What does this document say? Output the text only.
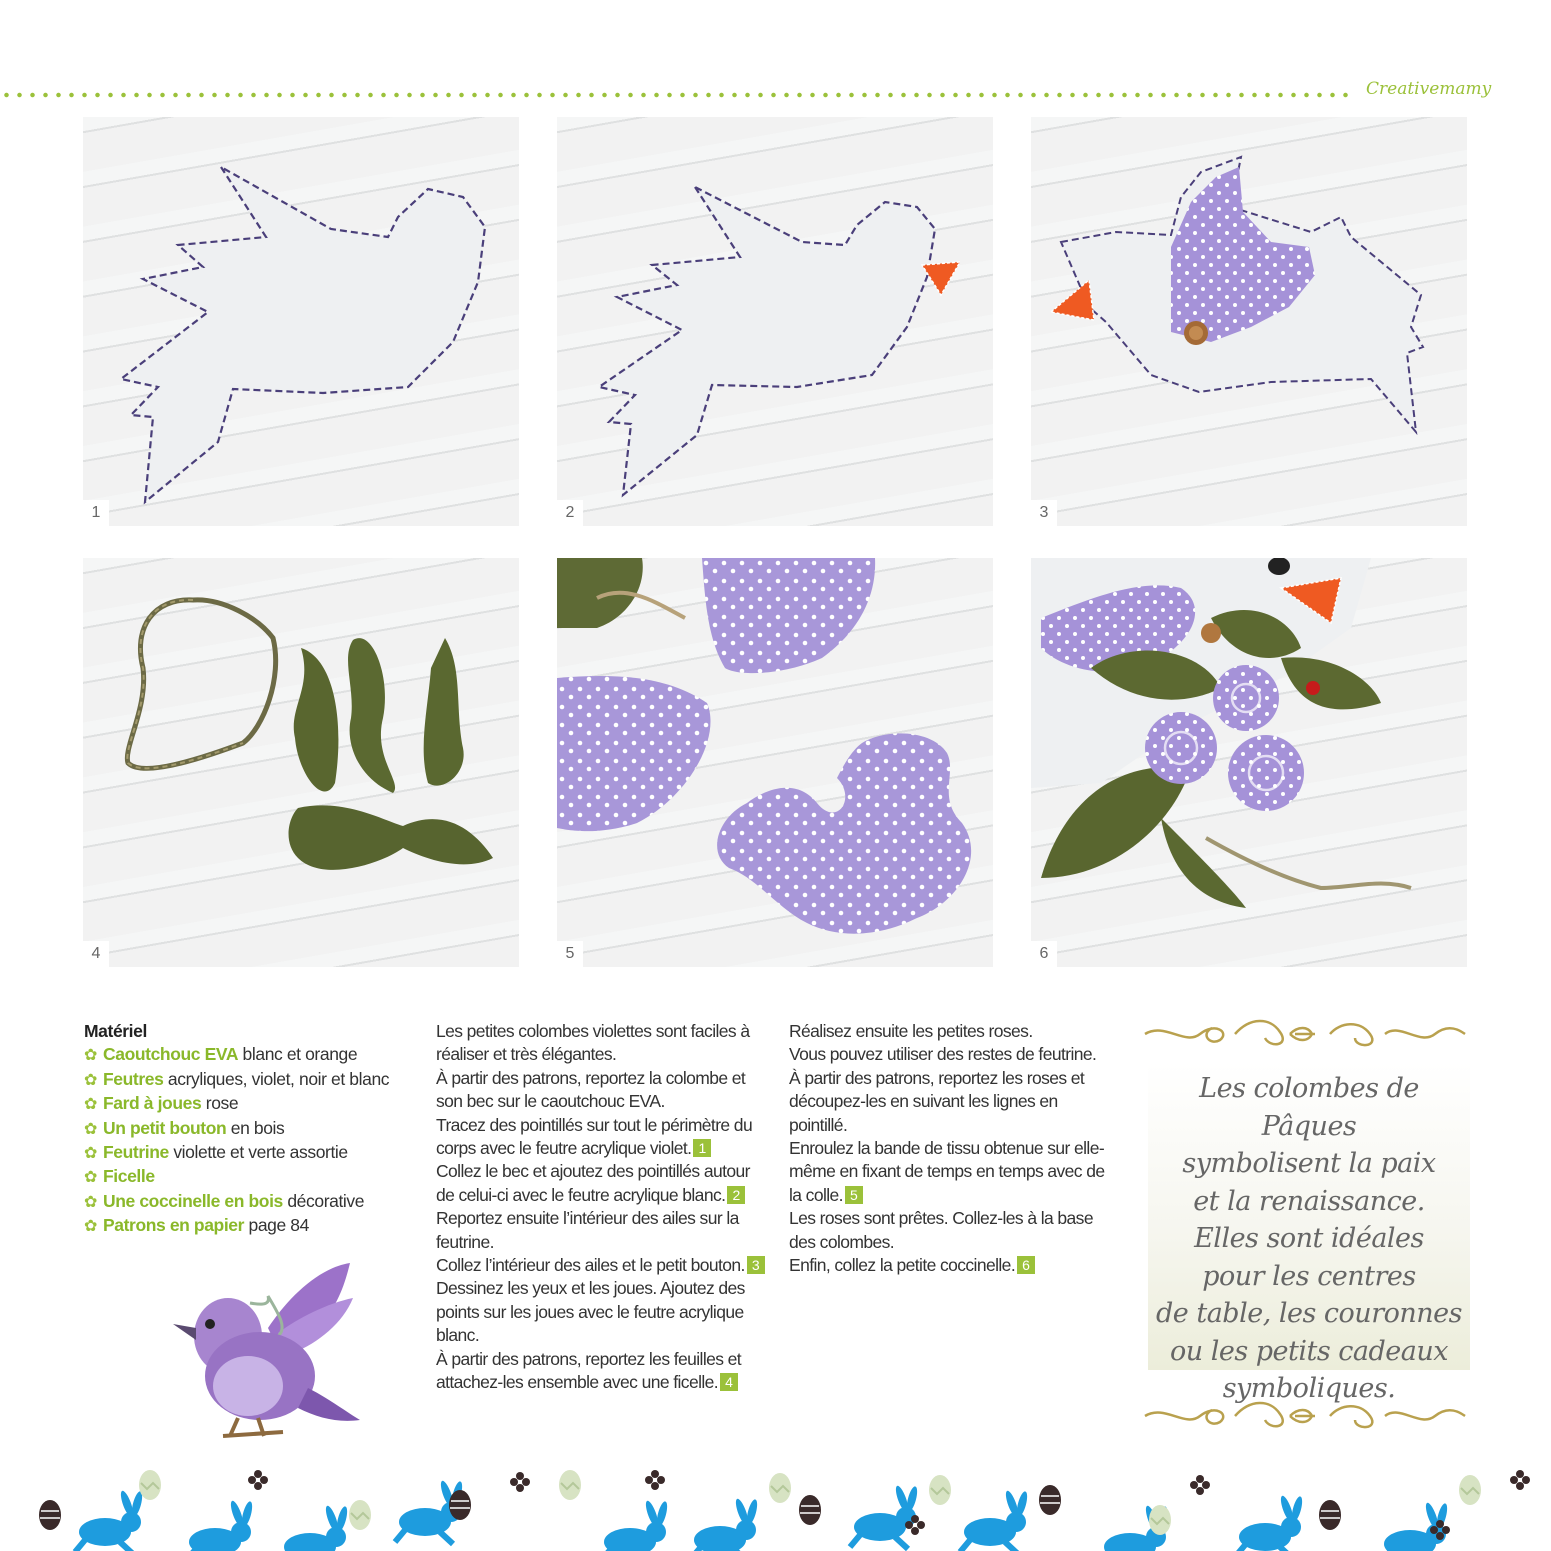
Creativemamy
1	2	3
4	5	6
Matériel
✿ Caoutchouc EVA blanc et orange
✿ Feutres acryliques, violet, noir et blanc
✿ Fard à joues rose
✿ Un petit bouton en bois
✿ Feutrine violette et verte assortie
✿ Ficelle
✿ Une coccinelle en bois décorative
✿ Patrons en papier page 84

Les petites colombes violettes sont faciles à réaliser et très élégantes.

À partir des patrons, reportez la colombe et son bec sur le caoutchouc EVA.

Tracez des pointillés sur tout le périmètre du corps avec le feutre acrylique violet. 1

Collez le bec et ajoutez des pointillés autour de celui-ci avec le feutre acrylique blanc. 2

Reportez ensuite l’intérieur des ailes sur la feutrine.

Collez l’intérieur des ailes et le petit bouton. 3

Dessinez les yeux et les joues. Ajoutez des points sur les joues avec le feutre acrylique blanc.

À partir des patrons, reportez les feuilles et attachez-les ensemble avec une ficelle. 4

Réalisez ensuite les petites roses.

Vous pouvez utiliser des restes de feutrine.

À partir des patrons, reportez les roses et découpez-les en suivant les lignes en pointillé.

Enroulez la bande de tissu obtenue sur elle-même en fixant de temps en temps avec de la colle. 5

Les roses sont prêtes. Collez-les à la base des colombes.

Enfin, collez la petite coccinelle. 6

Les colombes de Pâques
symbolisent la paix
et la renaissance.
Elles sont idéales
pour les centres
de table, les couronnes
ou les petits cadeaux
symboliques.
